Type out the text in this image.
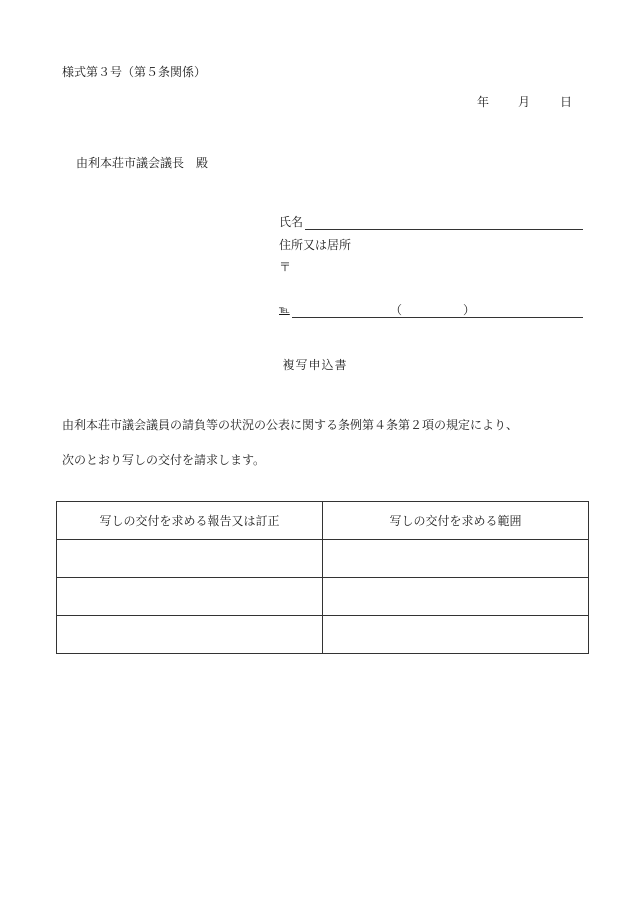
様式第３号（第５条関係）
年 月 日
由利本荘市議会議長　殿
氏名
住所又は居所
〒
℡	（	）
複写申込書
由利本荘市議会議員の請負等の状況の公表に関する条例第４条第２項の規定により、
次のとおり写しの交付を請求します。
写しの交付を求める報告又は訂正	写しの交付を求める範囲
